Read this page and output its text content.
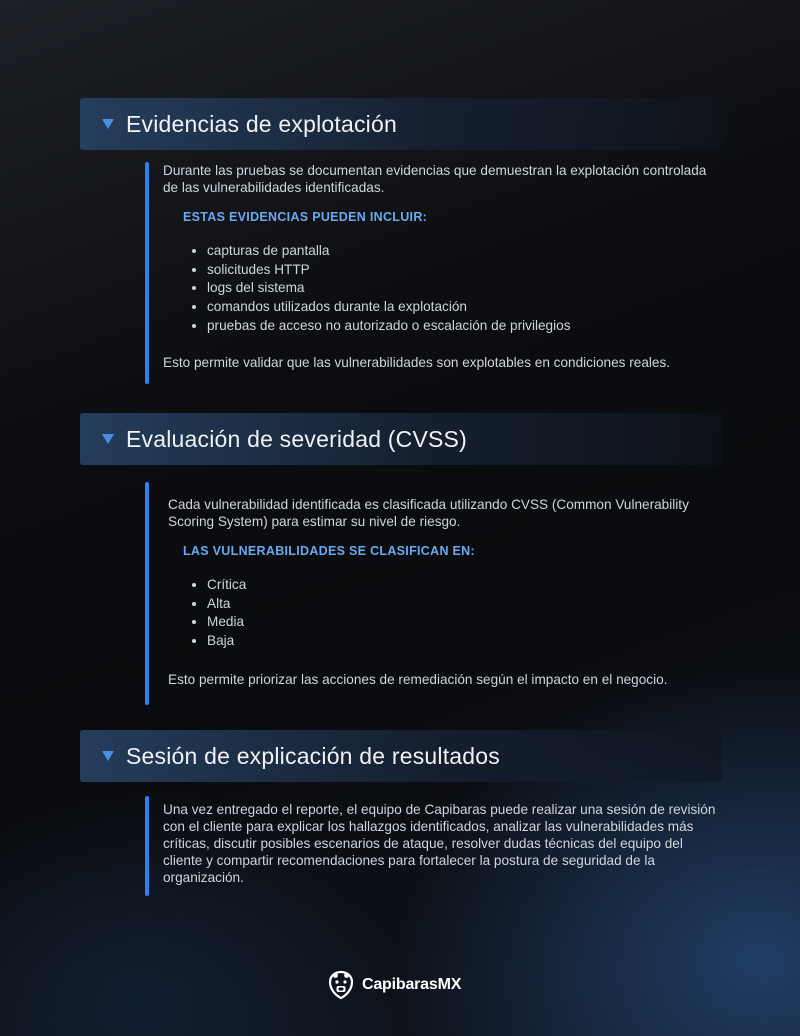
Evidencias de explotación

Durante las pruebas se documentan evidencias que demuestran la explotación controlada de las vulnerabilidades identificadas.

ESTAS EVIDENCIAS PUEDEN INCLUIR:
• capturas de pantalla
• solicitudes HTTP
• logs del sistema
• comandos utilizados durante la explotación
• pruebas de acceso no autorizado o escalación de privilegios

Esto permite validar que las vulnerabilidades son explotables en condiciones reales.

Evaluación de severidad (CVSS)

Cada vulnerabilidad identificada es clasificada utilizando CVSS (Common Vulnerability Scoring System) para estimar su nivel de riesgo.

LAS VULNERABILIDADES SE CLASIFICAN EN:
• Crítica
• Alta
• Media
• Baja

Esto permite priorizar las acciones de remediación según el impacto en el negocio.

Sesión de explicación de resultados

Una vez entregado el reporte, el equipo de Capibaras puede realizar una sesión de revisión con el cliente para explicar los hallazgos identificados, analizar las vulnerabilidades más críticas, discutir posibles escenarios de ataque, resolver dudas técnicas del equipo del cliente y compartir recomendaciones para fortalecer la postura de seguridad de la organización.

CapibarasMX
